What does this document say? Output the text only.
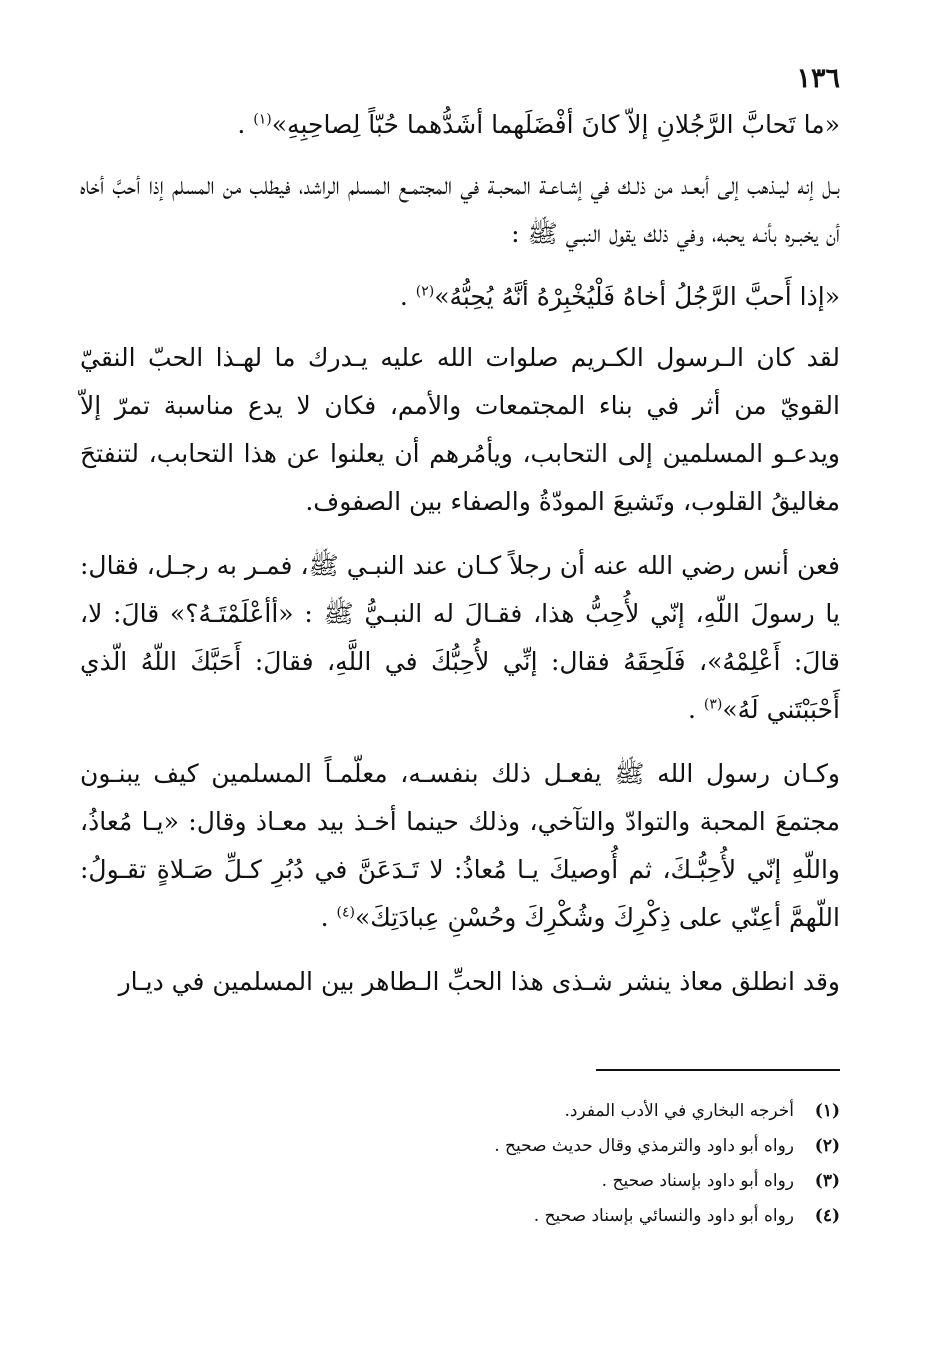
١٣٦
«ما تَحابَّ الرَّجُلانِ إلاّ كانَ أفْضَلَهما أشَدُّهما حُبّاً لِصاحِبِهِ»$^{(١)}$ .
بـل إنه ليـذهب إلى أبعـد من ذلـك في إشـاعـة المحبـة في المجتمـع المسلم الراشد، فيطلب من المسلم إذا أحبَّ أخاه أن يخبـره بأنـه يحبه، وفي ذلك يقول النبـي ﷺ :
«إذا أَحبَّ الرَّجُلُ أخاهُ فَلْيُخْبِرْهُ أنَّهُ يُحِبُّهُ»$^{(٢)}$ .
لقد كان الـرسول الكـريم صلوات الله عليه يـدرك ما لهـذا الحبّ النقيّ القويّ من أثر في بناء المجتمعات والأمم، فكان لا يدع مناسبة تمرّ إلاّ ويدعـو المسلمين إلى التحابب، ويأمُرهم أن يعلنوا عن هذا التحابب، لتنفتحَ مغاليقُ القلوب، وتَشيعَ المودّةُ والصفاء بين الصفوف.
فعن أنس رضي الله عنه أن رجلاً كـان عند النبـي ﷺ، فمـر به رجـل، فقال: يا رسولَ اللّهِ، إنّي لأُحِبُّ هذا، فقـالَ له النبـيُّ ﷺ : «أأعْلَمْتَـهُ؟» قالَ: لا، قالَ: أَعْلِمْهُ»، فَلَحِقَهُ فقال: إنِّي لأُحِبُّكَ في اللَّهِ، فقالَ: أَحَبَّكَ اللّهُ الّذي أَحْبَبْتَني لَهُ»$^{(٣)}$ .
وكـان رسول الله ﷺ يفعـل ذلك بنفسـه، معلّمـاً المسلمين كيف يبنـون مجتمعَ المحبة والتوادّ والتآخي، وذلك حينما أخـذ بيد معـاذ وقال: «يـا مُعاذُ، واللّهِ إنّي لأُحِبُّـكَ، ثم أُوصيكَ يـا مُعاذُ: لا تَـدَعَنَّ في دُبُرِ كـلِّ صَـلاةٍ تقـولُ: اللّهمَّ أعِنّي على ذِكْرِكَ وشُكْرِكَ وحُسْنِ عِبادَتِكَ»$^{(٤)}$ .
وقد انطلق معاذ ينشر شـذى هذا الحبِّ الـطاهر بين المسلمين في ديـار
(١)
أخرجه البخاري في الأدب المفرد.
(٢)
رواه أبو داود والترمذي وقال حديث صحيح .
(٣)
رواه أبو داود بإسناد صحيح .
(٤)
رواه أبو داود والنسائي بإسناد صحيح .
